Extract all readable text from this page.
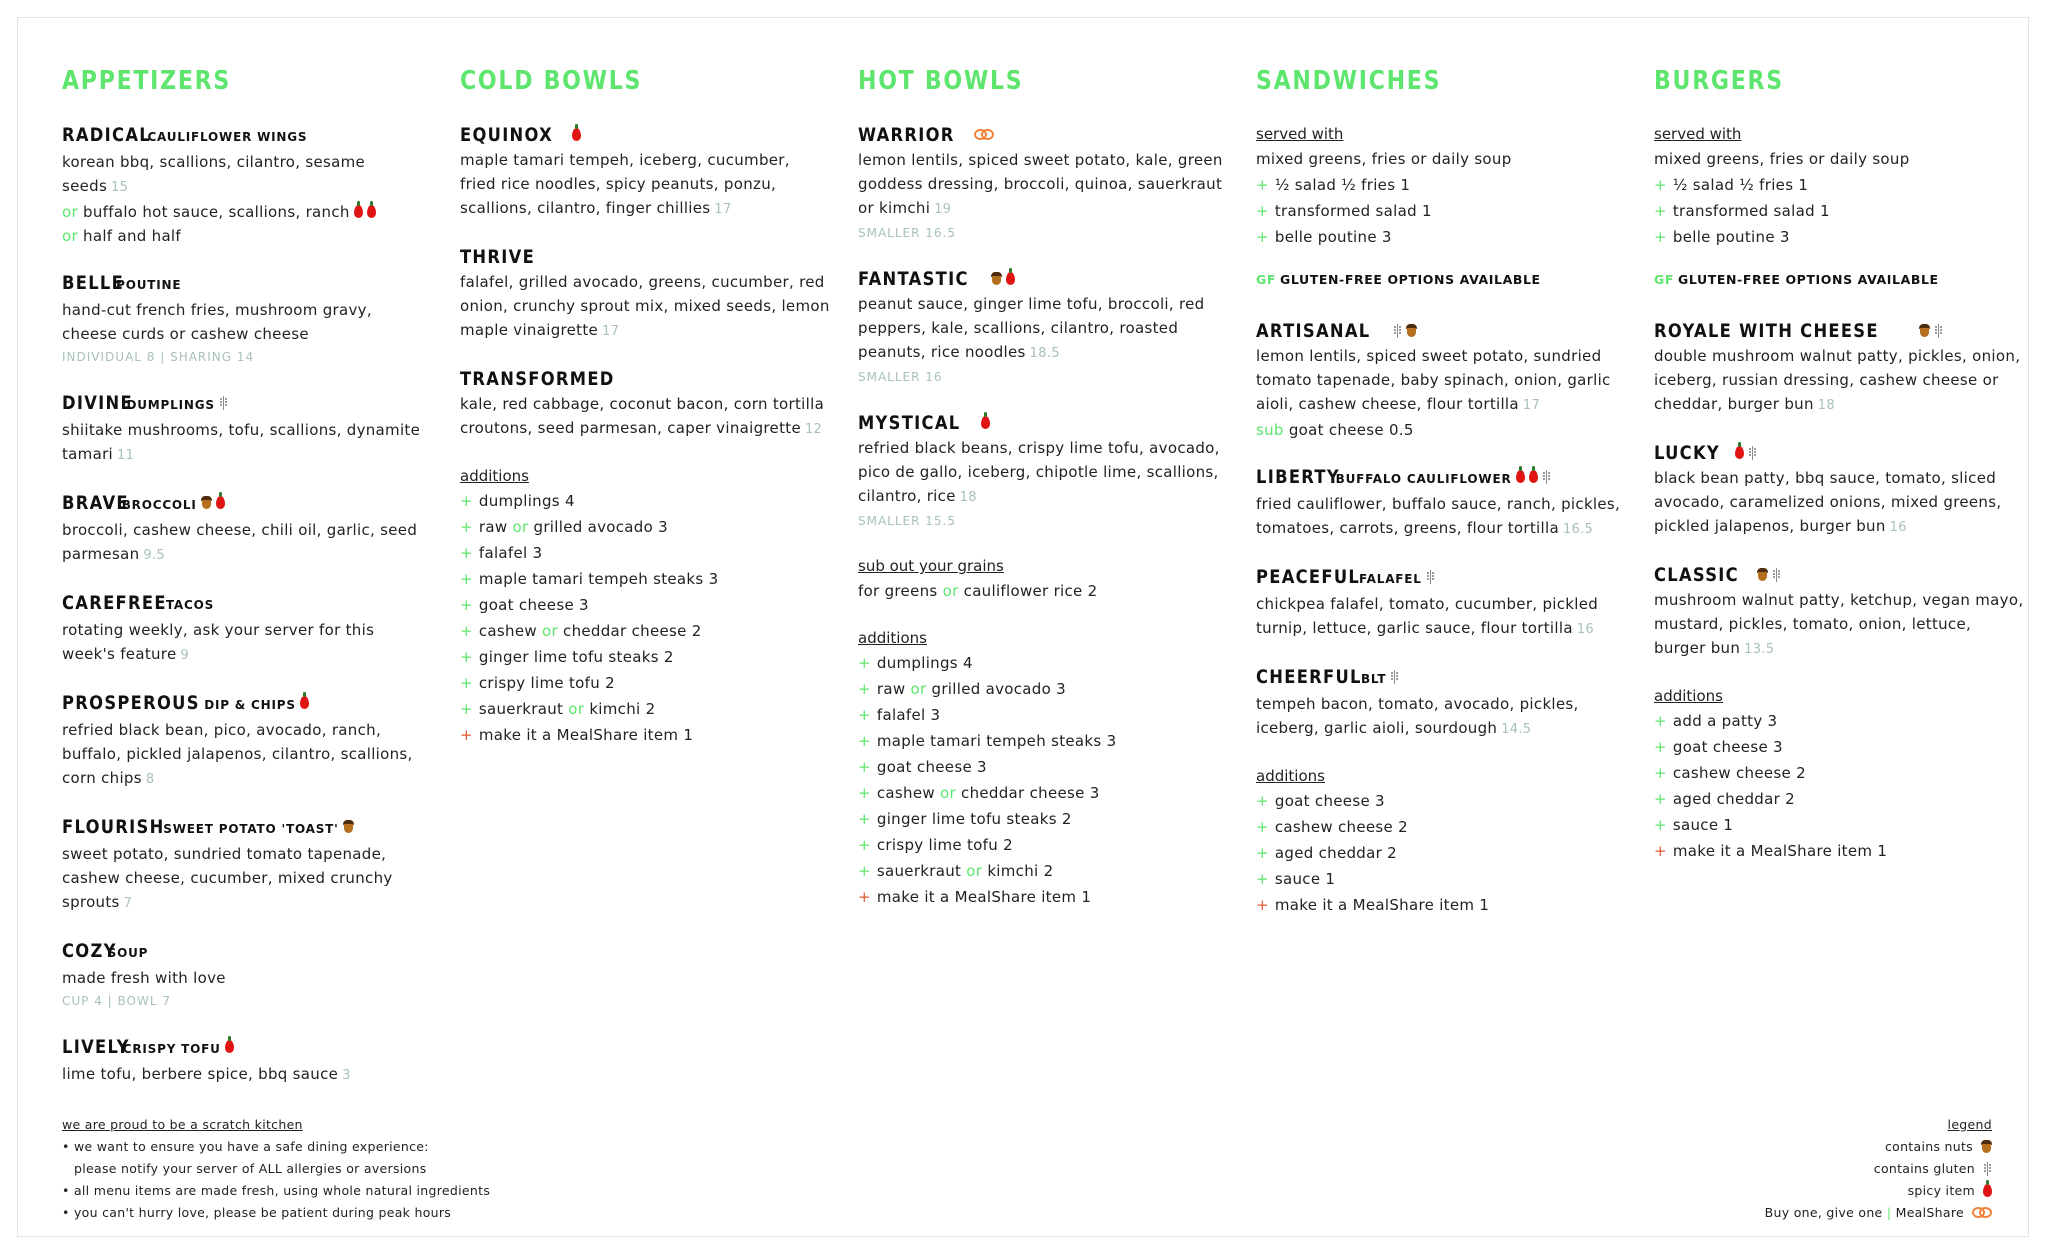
APPETIZERS
RADICALCAULIFLOWER WINGS
korean bbq, scallions, cilantro, sesame seeds 15
or buffalo hot sauce, scallions, ranch
or half and half
BELLEPOUTINE
hand-cut french fries, mushroom gravy, cheese curds or cashew cheese
INDIVIDUAL 8 | SHARING 14
DIVINEDUMPLINGS
shiitake mushrooms, tofu, scallions, dynamite tamari 11
BRAVEBROCCOLI
broccoli, cashew cheese, chili oil, garlic, seed parmesan 9.5
CAREFREETACOS
rotating weekly, ask your server for this week's feature 9
PROSPEROUS DIP & CHIPS
refried black bean, pico, avocado, ranch, buffalo, pickled jalapenos, cilantro, scallions, corn chips 8
FLOURISHSWEET POTATO 'TOAST'
sweet potato, sundried tomato tapenade, cashew cheese, cucumber, mixed crunchy sprouts 7
COZYSOUP
made fresh with love
CUP 4 | BOWL 7
LIVELYCRISPY TOFU
lime tofu, berbere spice, bbq sauce 3
COLD BOWLS
EQUINOX
maple tamari tempeh, iceberg, cucumber, fried rice noodles, spicy peanuts, ponzu, scallions, cilantro, finger chillies 17
THRIVE
falafel, grilled avocado, greens, cucumber, red onion, crunchy sprout mix, mixed seeds, lemon maple vinaigrette 17
TRANSFORMED
kale, red cabbage, coconut bacon, corn tortilla croutons, seed parmesan, caper vinaigrette 12
additions
+ dumplings 4
+ raw or grilled avocado 3
+ falafel 3
+ maple tamari tempeh steaks 3
+ goat cheese 3
+ cashew or cheddar cheese 2
+ ginger lime tofu steaks 2
+ crispy lime tofu 2
+ sauerkraut or kimchi 2
+ make it a MealShare item 1
HOT BOWLS
WARRIOR
lemon lentils, spiced sweet potato, kale, green goddess dressing, broccoli, quinoa, sauerkraut or kimchi 19
SMALLER 16.5
FANTASTIC
peanut sauce, ginger lime tofu, broccoli, red peppers, kale, scallions, cilantro, roasted peanuts, rice noodles 18.5
SMALLER 16
MYSTICAL
refried black beans, crispy lime tofu, avocado, pico de gallo, iceberg, chipotle lime, scallions, cilantro, rice 18
SMALLER 15.5
sub out your grains
for greens or cauliflower rice 2
additions
+ dumplings 4
+ raw or grilled avocado 3
+ falafel 3
+ maple tamari tempeh steaks 3
+ goat cheese 3
+ cashew or cheddar cheese 3
+ ginger lime tofu steaks 2
+ crispy lime tofu 2
+ sauerkraut or kimchi 2
+ make it a MealShare item 1
SANDWICHES
served with
mixed greens, fries or daily soup
+ ½ salad ½ fries 1
+ transformed salad 1
+ belle poutine 3
GF GLUTEN-FREE OPTIONS AVAILABLE
ARTISANAL
lemon lentils, spiced sweet potato, sundried tomato tapenade, baby spinach, onion, garlic aioli, cashew cheese, flour tortilla 17
sub goat cheese 0.5
LIBERTYBUFFALO CAULIFLOWER
fried cauliflower, buffalo sauce, ranch, pickles, tomatoes, carrots, greens, flour tortilla 16.5
PEACEFULFALAFEL
chickpea falafel, tomato, cucumber, pickled turnip, lettuce, garlic sauce, flour tortilla 16
CHEERFULBLT
tempeh bacon, tomato, avocado, pickles, iceberg, garlic aioli, sourdough 14.5
additions
+ goat cheese 3
+ cashew cheese 2
+ aged cheddar 2
+ sauce 1
+ make it a MealShare item 1
BURGERS
served with
mixed greens, fries or daily soup
+ ½ salad ½ fries 1
+ transformed salad 1
+ belle poutine 3
GF GLUTEN-FREE OPTIONS AVAILABLE
ROYALE WITH CHEESE
double mushroom walnut patty, pickles, onion, iceberg, russian dressing, cashew cheese or cheddar, burger bun 18
LUCKY
black bean patty, bbq sauce, tomato, sliced avocado, caramelized onions, mixed greens, pickled jalapenos, burger bun 16
CLASSIC
mushroom walnut patty, ketchup, vegan mayo, mustard, pickles, tomato, onion, lettuce, burger bun 13.5
additions
+ add a patty 3
+ goat cheese 3
+ cashew cheese 2
+ aged cheddar 2
+ sauce 1
+ make it a MealShare item 1
we are proud to be a scratch kitchen
• we want to ensure you have a safe dining experience:
please notify your server of ALL allergies or aversions
• all menu items are made fresh, using whole natural ingredients
• you can't hurry love, please be patient during peak hours
legend
contains nuts
contains gluten
spicy item
Buy one, give one | MealShare
